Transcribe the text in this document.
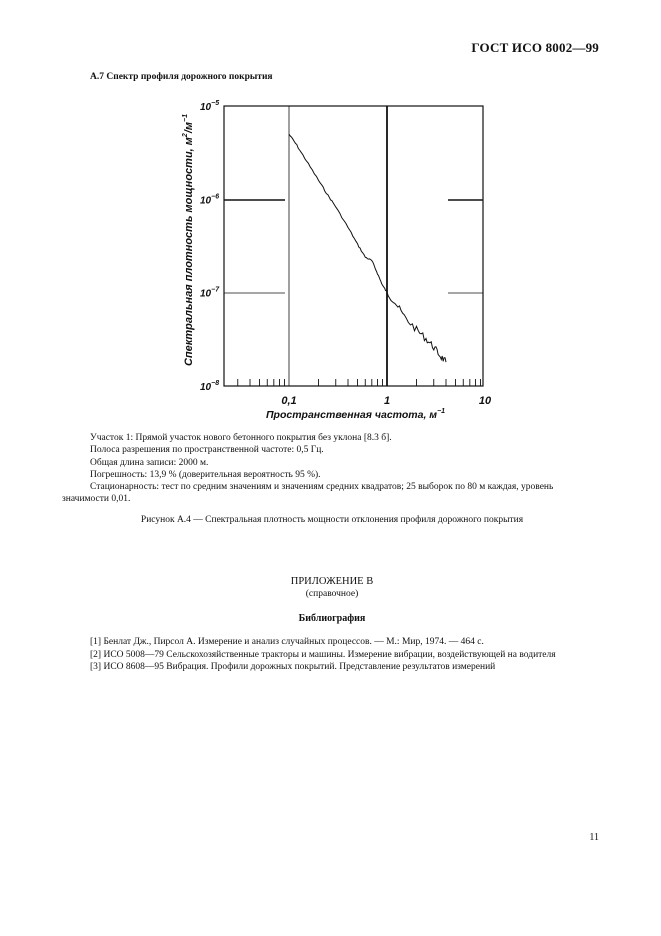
ГОСТ ИСО 8002—99
А.7 Спектр профиля дорожного покрытия
$10^{-5}$
$10^{-6}$
$10^{-7}$
$10^{-8}$
0,1	1	10
Спектральная плотность мощности, $м^2/м^{-1}$
Пространственная частота, $м^{-1}$

Участок 1: Прямой участок нового бетонного покрытия без уклона [8.3 б].

Полоса разрешения по пространственной частоте: 0,5 Гц.

Общая длина записи: 2000 м.

Погрешность: 13,9 % (доверительная вероятность 95 %).

Стационарность: тест по средним значениям и значениям средних квадратов; 25 выборок по 80 м каждая, уровень значимости 0,01.

Рисунок А.4 — Спектральная плотность мощности отклонения профиля дорожного покрытия
ПРИЛОЖЕНИЕ В
(справочное)
Библиография

[1] Бенлат Дж., Пирсол А. Измерение и анализ случайных процессов. — М.: Мир, 1974. — 464 с.

[2] ИСО 5008—79 Сельскохозяйственные тракторы и машины. Измерение вибрации, воздействующей на водителя

[3] ИСО 8608—95 Вибрация. Профили дорожных покрытий. Представление результатов измерений

11
